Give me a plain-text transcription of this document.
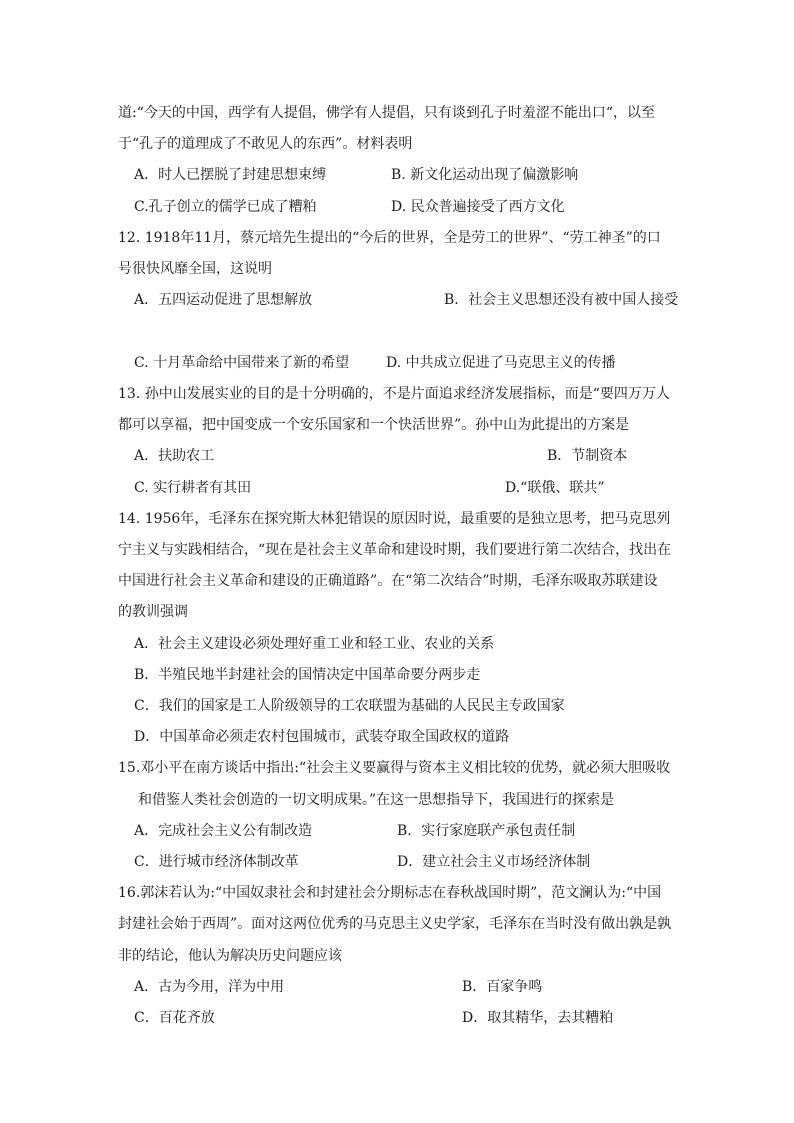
道:“今天的中国，西学有人提倡，佛学有人提倡，只有谈到孔子时羞涩不能出口“，以至

于“孔子的道理成了不敢见人的东西”。材料表明

A．时人已摆脱了封建思想束缚	B. 新文化运动出现了偏激影响

C.孔子创立的儒学已成了糟粕	D. 民众普遍接受了西方文化

12. 1918年11月，蔡元培先生提出的“今后的世界，全是劳工的世界”、“劳工神圣”的口

号很快风靡全国，这说明

A．五四运动促进了思想解放	B．社会主义思想还没有被中国人接受

C. 十月革命给中国带来了新的希望	D. 中共成立促进了马克思主义的传播

13. 孙中山发展实业的目的是十分明确的，不是片面追求经济发展指标，而是“要四万万人

都可以享福，把中国变成一个安乐国家和一个快活世界”。孙中山为此提出的方案是

A．扶助农工	B．节制资本

C. 实行耕者有其田	D.“联俄、联共”

14. 1956年，毛泽东在探究斯大林犯错误的原因时说，最重要的是独立思考，把马克思列

宁主义与实践相结合，“现在是社会主义革命和建设时期，我们要进行第二次结合，找出在

中国进行社会主义革命和建设的正确道路”。在“第二次结合”时期，毛泽东吸取苏联建设

的教训强调

A．社会主义建设必须处理好重工业和轻工业、农业的关系

B．半殖民地半封建社会的国情决定中国革命要分两步走

C．我们的国家是工人阶级领导的工农联盟为基础的人民民主专政国家

D．中国革命必须走农村包围城市，武装夺取全国政权的道路

15.邓小平在南方谈话中指出:“社会主义要赢得与资本主义相比较的优势，就必须大胆吸收

和借鉴人类社会创造的一切文明成果。”在这一思想指导下，我国进行的探索是

A．完成社会主义公有制改造	B．实行家庭联产承包责任制

C．进行城市经济体制改革	D．建立社会主义市场经济体制

16.郭沫若认为:“中国奴隶社会和封建社会分期标志在春秋战国时期”，范文澜认为:“中国

封建社会始于西周”。面对这两位优秀的马克思主义史学家，毛泽东在当时没有做出孰是孰

非的结论，他认为解决历史问题应该

A．古为今用，洋为中用	B．百家争鸣

C．百花齐放	D．取其精华，去其糟粕
